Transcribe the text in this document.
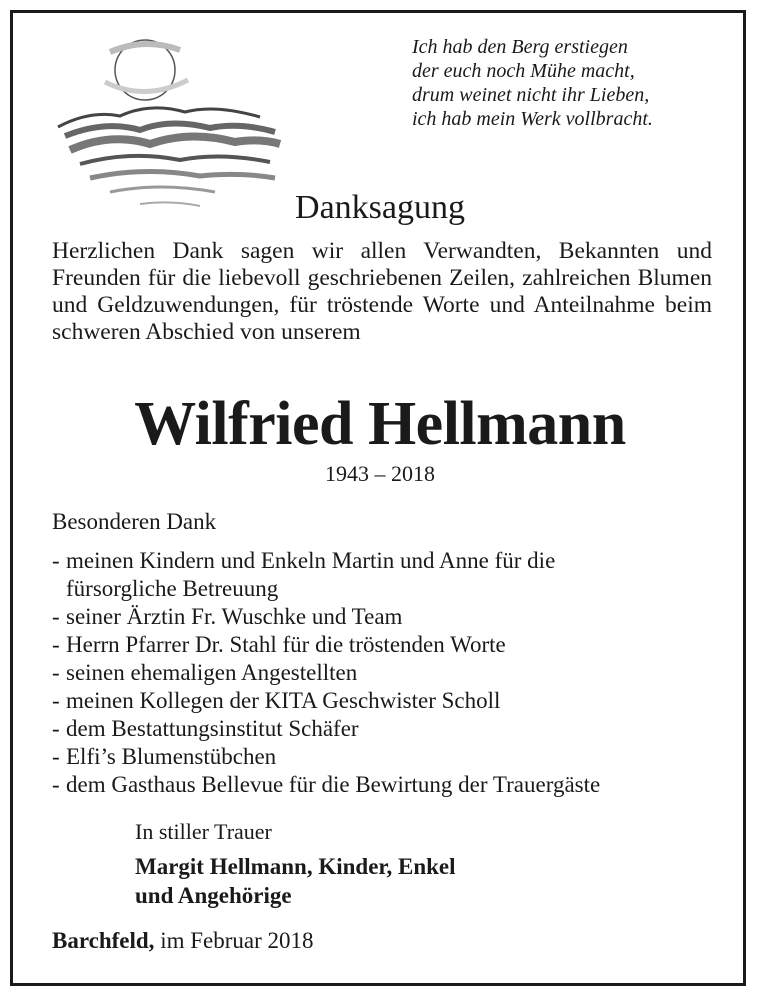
Ich hab den Berg erstiegen
der euch noch Mühe macht,
drum weinet nicht ihr Lieben,
ich hab mein Werk vollbracht.
Danksagung
Herzlichen Dank sagen wir allen Verwandten, Bekannten und Freunden für die liebevoll geschriebenen Zeilen, zahlreichen Blumen und Geldzuwendungen, für tröstende Worte und Anteilnahme beim schweren Abschied von unserem
Wilfried Hellmann
1943 – 2018
Besonderen Dank
- meinen Kindern und Enkeln Martin und Anne für die
fürsorgliche Betreuung
- seiner Ärztin Fr. Wuschke und Team
- Herrn Pfarrer Dr. Stahl für die tröstenden Worte
- seinen ehemaligen Angestellten
- meinen Kollegen der KITA Geschwister Scholl
- dem Bestattungsinstitut Schäfer
- Elfi’s Blumenstübchen
- dem Gasthaus Bellevue für die Bewirtung der Trauergäste
In stiller Trauer
Margit Hellmann, Kinder, Enkel
und Angehörige
Barchfeld, im Februar 2018
